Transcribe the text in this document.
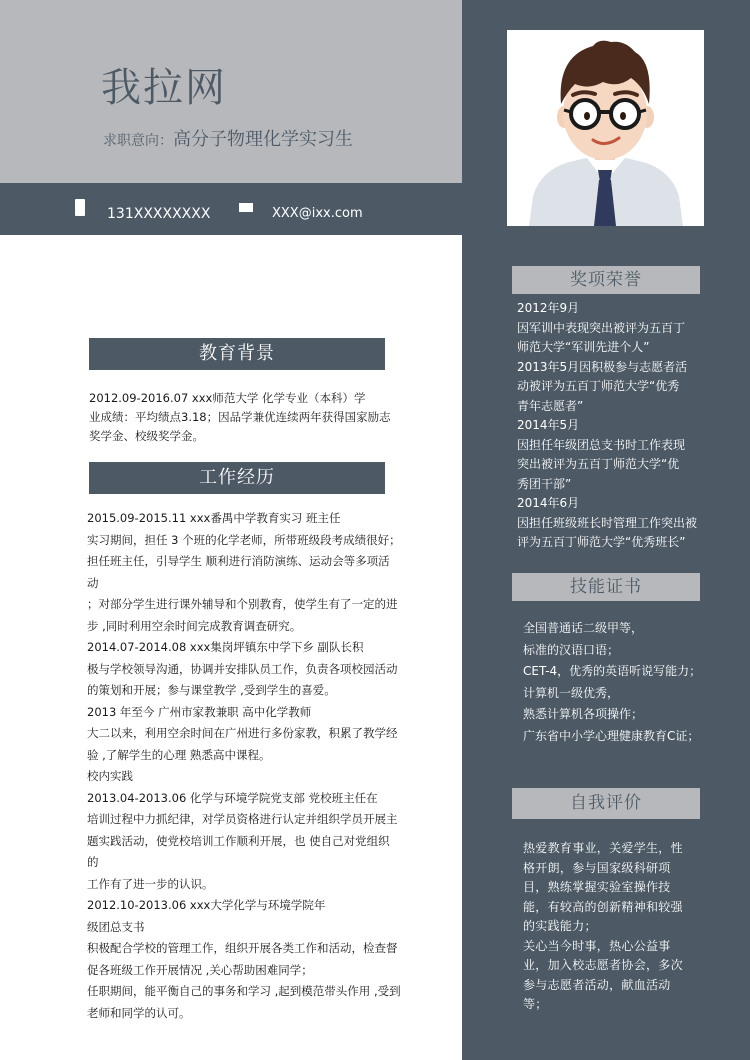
我拉网
求职意向：高分子物理化学实习生
131XXXXXXXX	XXX@ixx.com
奖项荣誉

2012年9月

因军训中表现突出被评为五百丁

师范大学“军训先进个人”

2013年5月因积极参与志愿者活

动被评为五百丁师范大学“优秀

青年志愿者”

2014年5月

因担任年级团总支书时工作表现

突出被评为五百丁师范大学“优

秀团干部”

2014年6月

因担任班级班长时管理工作突出被

评为五百丁师范大学“优秀班长”

技能证书

全国普通话二级甲等，

标准的汉语口语；

CET-4，优秀的英语听说写能力；

计算机一级优秀，

熟悉计算机各项操作；

广东省中小学心理健康教育C证；

自我评价

热爱教育事业，关爱学生，性

格开朗，参与国家级科研项

目，熟练掌握实验室操作技

能，有较高的创新精神和较强

的实践能力；

关心当今时事，热心公益事

业，加入校志愿者协会，多次

参与志愿者活动，献血活动

等；

教育背景

2012.09-2016.07 xxx师范大学 化学专业（本科）学

业成绩：平均绩点3.18；因品学兼优连续两年获得国家励志

奖学金、校级奖学金。

工作经历

2015.09-2015.11 xxx番禺中学教育实习 班主任

实习期间，担任 3 个班的化学老师，所带班级段考成绩很好；

担任班主任，引导学生 顺利进行消防演练、运动会等多项活动

；对部分学生进行课外辅导和个别教育，使学生有了一定的进

步 ,同时利用空余时间完成教育调查研究。

2014.07-2014.08 xxx集岗坪镇东中学下乡 副队长积

极与学校领导沟通，协调并安排队员工作，负责各项校园活动

的策划和开展；参与课堂教学 ,受到学生的喜爱。

2013 年至今 广州市家教兼职 高中化学教师

大二以来，利用空余时间在广州进行多份家教，积累了教学经

验 ,了解学生的心理 熟悉高中课程。

校内实践

2013.04-2013.06 化学与环境学院党支部 党校班主任在

培训过程中力抓纪律，对学员资格进行认定并组织学员开展主

题实践活动，使党校培训工作顺利开展，也 使自己对党组织的

工作有了进一步的认识。

2012.10-2013.06 xxx大学化学与环境学院年

级团总支书

积极配合学校的管理工作，组织开展各类工作和活动，检查督

促各班级工作开展情况 ,关心帮助困难同学；

任职期间，能平衡自己的事务和学习 ,起到模范带头作用 ,受到

老师和同学的认可。
